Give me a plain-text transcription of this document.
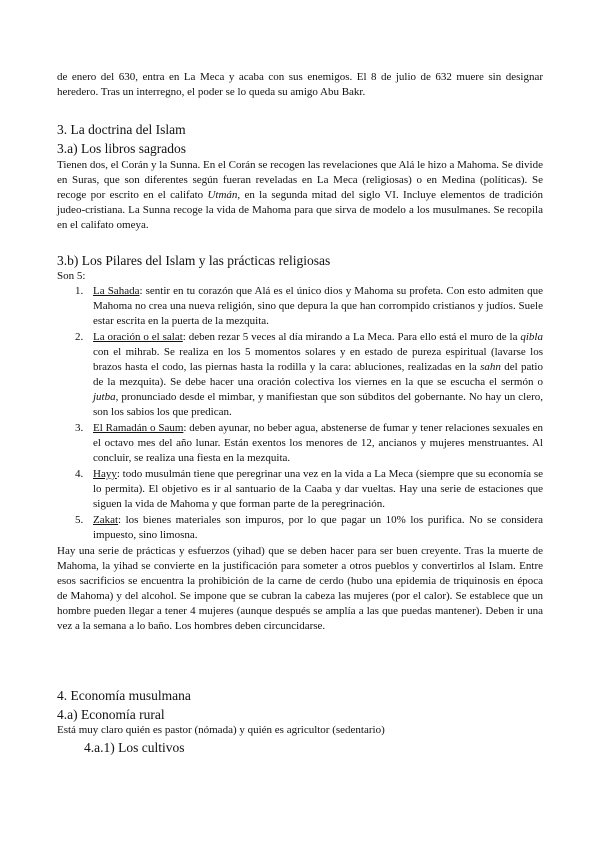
de enero del 630, entra en La Meca y acaba con sus enemigos. El 8 de julio de 632 muere sin designar heredero. Tras un interregno, el poder se lo queda su amigo Abu Bakr.

3. La doctrina del Islam
3.a) Los libros sagrados

Tienen dos, el Corán y la Sunna. En el Corán se recogen las revelaciones que Alá le hizo a Mahoma. Se divide en Suras, que son diferentes según fueran reveladas en La Meca (religiosas) o en Medina (políticas). Se recoge por escrito en el califato Utmán, en la segunda mitad del siglo VI. Incluye elementos de tradición judeo-cristiana. La Sunna recoge la vida de Mahoma para que sirva de modelo a los musulmanes. Se recopila en el califato omeya.

3.b) Los Pilares del Islam y las prácticas religiosas
Son 5:
1. La Sahada: sentir en tu corazón que Alá es el único dios y Mahoma su profeta. Con esto admiten que Mahoma no crea una nueva religión, sino que depura la que han corrompido cristianos y judíos. Suele estar escrita en la puerta de la mezquita.

2. La oración o el salat: deben rezar 5 veces al día mirando a La Meca. Para ello está el muro de la qibla con el mihrab. Se realiza en los 5 momentos solares y en estado de pureza espiritual (lavarse los brazos hasta el codo, las piernas hasta la rodilla y la cara: abluciones, realizadas en la sahn del patio de la mezquita). Se debe hacer una oración colectiva los viernes en la que se escucha el sermón o jutba, pronunciado desde el mimbar, y manifiestan que son súbditos del gobernante. No hay un clero, son los sabios los que predican.

3. El Ramadán o Saum: deben ayunar, no beber agua, abstenerse de fumar y tener relaciones sexuales en el octavo mes del año lunar. Están exentos los menores de 12, ancianos y mujeres menstruantes. Al concluir, se realiza una fiesta en la mezquita.

4. Hayy: todo musulmán tiene que peregrinar una vez en la vida a La Meca (siempre que su economía se lo permita). El objetivo es ir al santuario de la Caaba y dar vueltas. Hay una serie de estaciones que siguen la vida de Mahoma y que forman parte de la peregrinación.

5. Zakat: los bienes materiales son impuros, por lo que pagar un 10% los purifica. No se considera impuesto, sino limosna.

Hay una serie de prácticas y esfuerzos (yihad) que se deben hacer para ser buen creyente. Tras la muerte de Mahoma, la yihad se convierte en la justificación para someter a otros pueblos y convertirlos al Islam. Entre esos sacrificios se encuentra la prohibición de la carne de cerdo (hubo una epidemia de triquinosis en época de Mahoma) y del alcohol. Se impone que se cubran la cabeza las mujeres (por el calor). Se establece que un hombre pueden llegar a tener 4 mujeres (aunque después se amplía a las que puedas mantener). Deben ir una vez a la semana a lo baño. Los hombres deben circuncidarse.

4. Economía musulmana
4.a) Economía rural
Está muy claro quién es pastor (nómada) y quién es agricultor (sedentario)
4.a.1) Los cultivos
